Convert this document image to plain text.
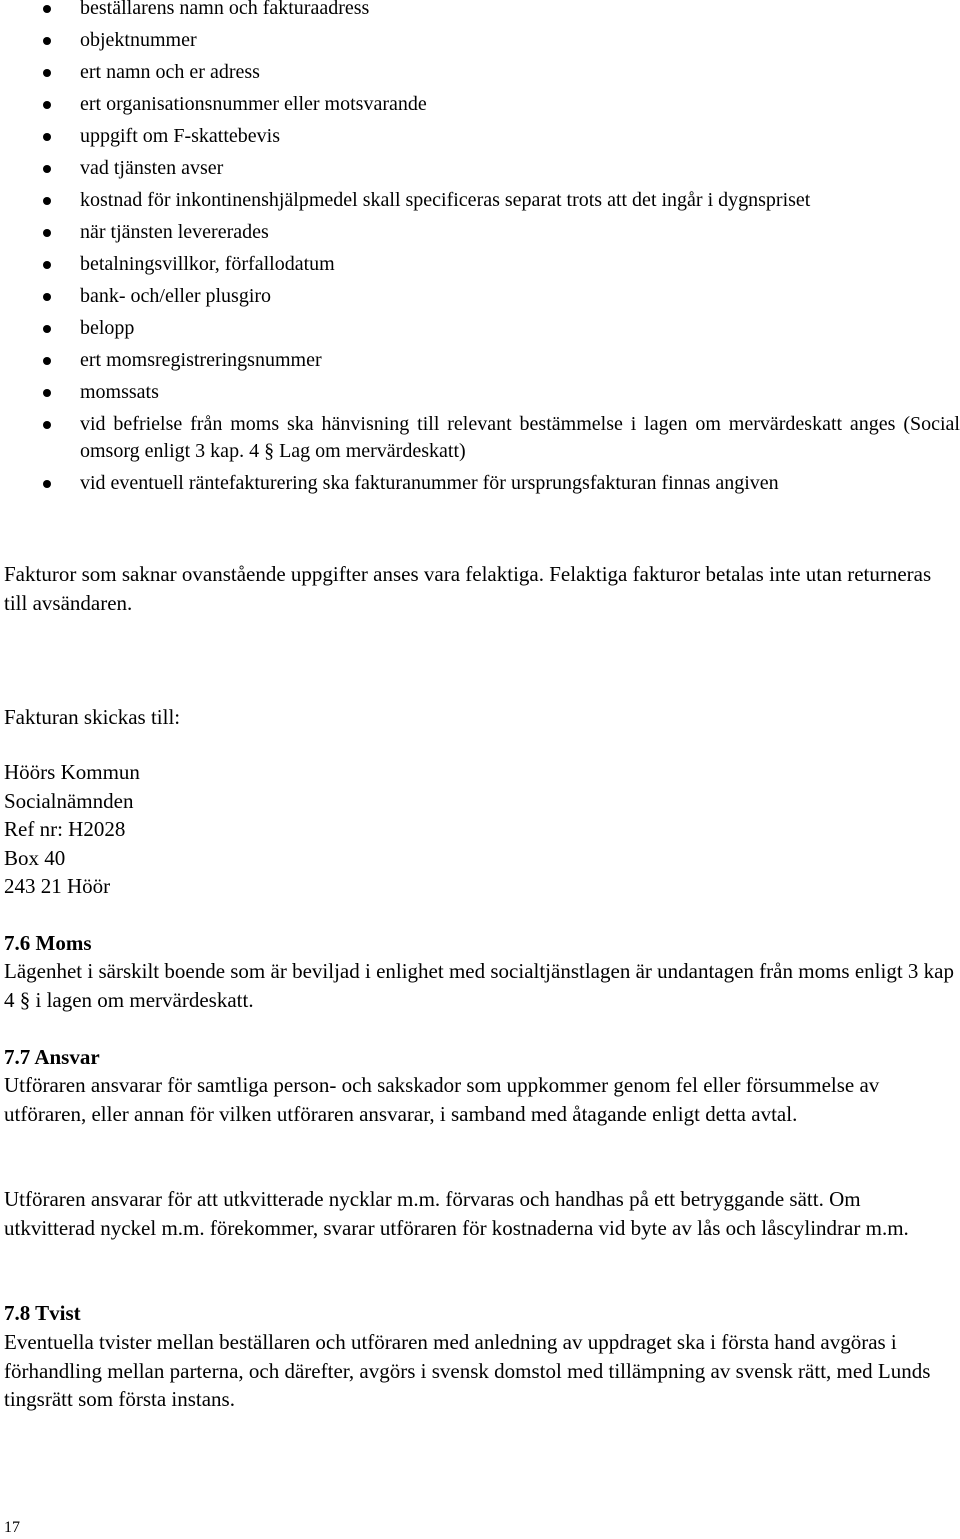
beställarens namn och fakturaadress
objektnummer
ert namn och er adress
ert organisationsnummer eller motsvarande
uppgift om F-skattebevis
vad tjänsten avser
kostnad för inkontinenshjälpmedel skall specificeras separat trots att det ingår i dygnspriset
när tjänsten levererades
betalningsvillkor, förfallodatum
bank- och/eller plusgiro
belopp
ert momsregistreringsnummer
momssats
vid befrielse från moms ska hänvisning till relevant bestämmelse i lagen om mervärdeskatt anges (Social omsorg enligt 3 kap. 4 § Lag om mervärdeskatt)
vid eventuell räntefakturering ska fakturanummer för ursprungsfakturan finnas angiven

Fakturor som saknar ovanstående uppgifter anses vara felaktiga. Felaktiga fakturor betalas inte utan returneras till avsändaren.

Fakturan skickas till:

Höörs Kommun
Socialnämnden
Ref nr: H2028
Box 40
243 21 Höör

7.6 Moms

Lägenhet i särskilt boende som är beviljad i enlighet med socialtjänstlagen är undantagen från moms enligt 3 kap 4 § i lagen om mervärdeskatt.

7.7 Ansvar

Utföraren ansvarar för samtliga person- och sakskador som uppkommer genom fel eller försummelse av utföraren, eller annan för vilken utföraren ansvarar, i samband med åtagande enligt detta avtal.

Utföraren ansvarar för att utkvitterade nycklar m.m. förvaras och handhas på ett betryggande sätt. Om utkvitterad nyckel m.m. förekommer, svarar utföraren för kostnaderna vid byte av lås och låscylindrar m.m.

7.8 Tvist

Eventuella tvister mellan beställaren och utföraren med anledning av uppdraget ska i första hand avgöras i förhandling mellan parterna, och därefter, avgörs i svensk domstol med tillämpning av svensk rätt, med Lunds tingsrätt som första instans.

17
